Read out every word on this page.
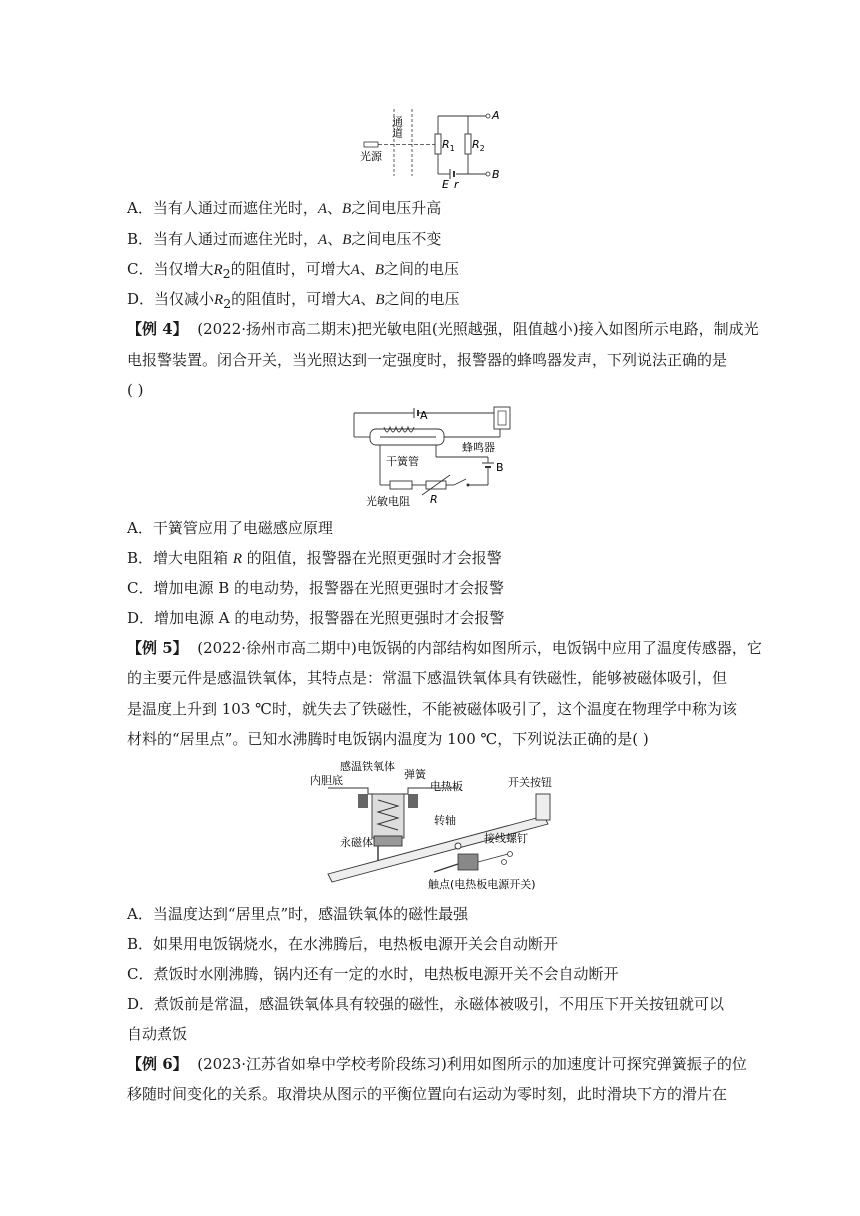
通道
光源
$R_1$ $R_2$
A
B
E r
A．当有人通过而遮住光时，A、B之间电压升高
B．当有人通过而遮住光时，A、B之间电压不变
C．当仅增大$R_2$的阻值时，可增大A、B之间的电压
D．当仅减小$R_2$的阻值时，可增大A、B之间的电压
【例 4】 (2022·扬州市高二期末)把光敏电阻(光照越强，阻值越小)接入如图所示电路，制成光
电报警装置。闭合开关，当光照达到一定强度时，报警器的蜂鸣器发声，下列说法正确的是
( )
A
蜂鸣器
B
干簧管
光敏电阻 R
A．干簧管应用了电磁感应原理
B．增大电阻箱 R 的阻值，报警器在光照更强时才会报警
C．增加电源 B 的电动势，报警器在光照更强时才会报警
D．增加电源 A 的电动势，报警器在光照更强时才会报警
【例 5】 (2022·徐州市高二期中)电饭锅的内部结构如图所示，电饭锅中应用了温度传感器，它
的主要元件是感温铁氧体，其特点是：常温下感温铁氧体具有铁磁性，能够被磁体吸引，但
是温度上升到 103 ℃时，就失去了铁磁性，不能被磁体吸引了，这个温度在物理学中称为该
材料的“居里点”。已知水沸腾时电饭锅内温度为 100 ℃，下列说法正确的是( )
感温铁氧体
弹簧
内胆底	电热板
转轴
开关按钮
接线螺钉
永磁体
触点(电热板电源开关)
A．当温度达到“居里点”时，感温铁氧体的磁性最强
B．如果用电饭锅烧水，在水沸腾后，电热板电源开关会自动断开
C．煮饭时水刚沸腾，锅内还有一定的水时，电热板电源开关不会自动断开
D．煮饭前是常温，感温铁氧体具有较强的磁性，永磁体被吸引，不用压下开关按钮就可以
自动煮饭
【例 6】 (2023·江苏省如皋中学校考阶段练习)利用如图所示的加速度计可探究弹簧振子的位
移随时间变化的关系。取滑块从图示的平衡位置向右运动为零时刻，此时滑块下方的滑片在
